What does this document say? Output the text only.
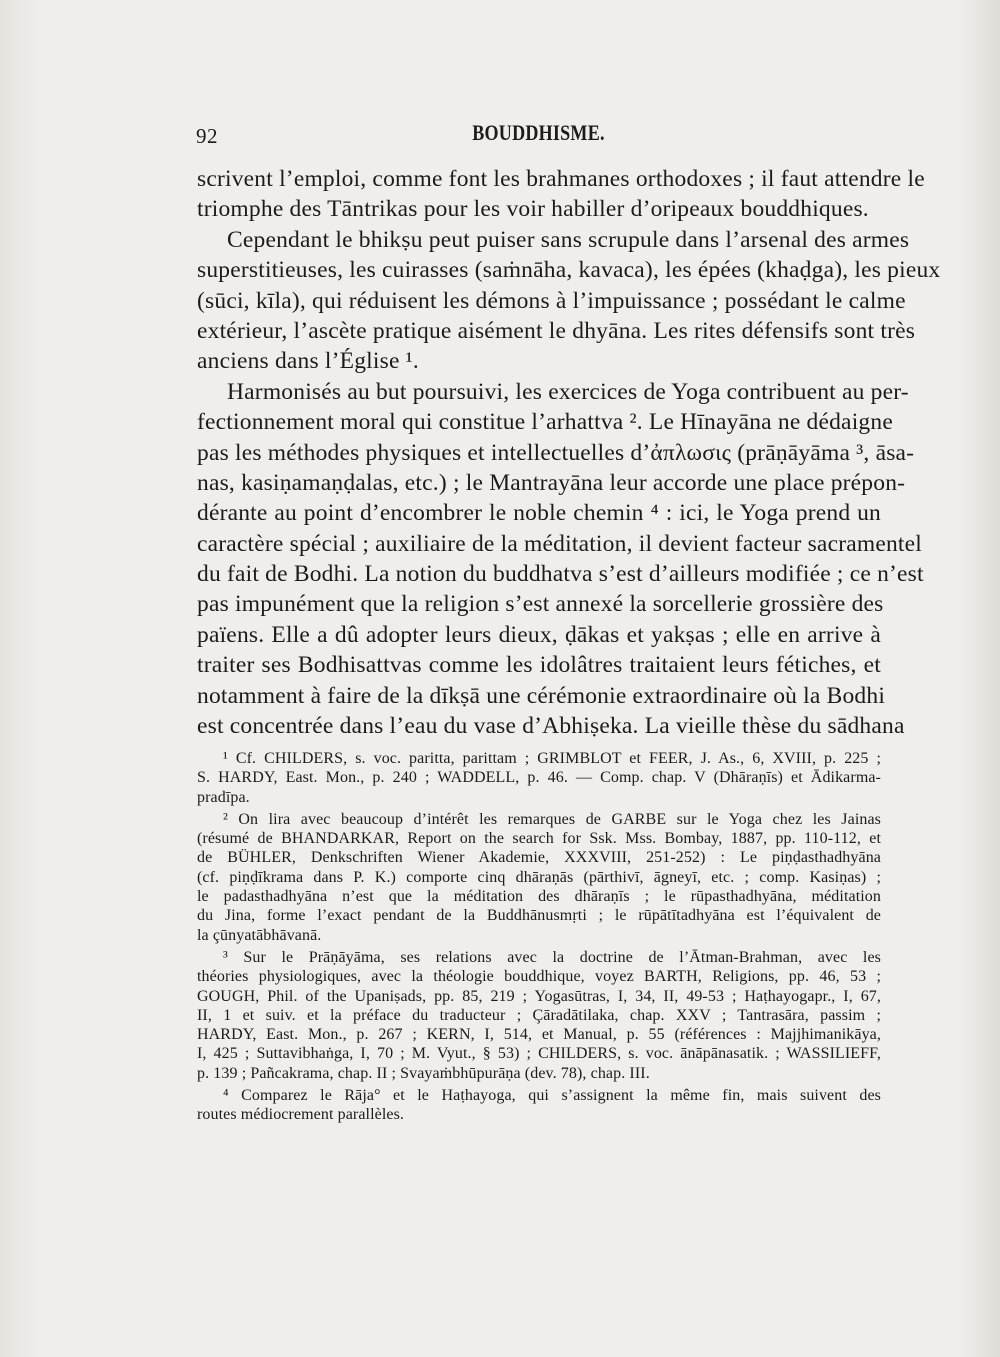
92	BOUDDHISME.
scrivent l’emploi, comme font les brahmanes orthodoxes ; il faut attendre le
triomphe des Tāntrikas pour les voir habiller d’oripeaux bouddhiques.
Cependant le bhikṣu peut puiser sans scrupule dans l’arsenal des armes
superstitieuses, les cuirasses (saṁnāha, kavaca), les épées (khaḍga), les pieux
(sūci, kīla), qui réduisent les démons à l’impuissance ; possédant le calme
extérieur, l’ascète pratique aisément le dhyāna. Les rites défensifs sont très
anciens dans l’Église ¹.
Harmonisés au but poursuivi, les exercices de Yoga contribuent au per-
fectionnement moral qui constitue l’arhattva ². Le Hīnayāna ne dédaigne
pas les méthodes physiques et intellectuelles d’ἀπλωσις (prāṇāyāma ³, āsa-
nas, kasiṇamaṇḍalas, etc.) ; le Mantrayāna leur accorde une place prépon-
dérante au point d’encombrer le noble chemin ⁴ : ici, le Yoga prend un
caractère spécial ; auxiliaire de la méditation, il devient facteur sacramentel
du fait de Bodhi. La notion du buddhatva s’est d’ailleurs modifiée ; ce n’est
pas impunément que la religion s’est annexé la sorcellerie grossière des
païens. Elle a dû adopter leurs dieux, ḍākas et yakṣas ; elle en arrive à
traiter ses Bodhisattvas comme les idolâtres traitaient leurs fétiches, et
notamment à faire de la dīkṣā une cérémonie extraordinaire où la Bodhi
est concentrée dans l’eau du vase d’Abhiṣeka. La vieille thèse du sādhana
¹ Cf. CHILDERS, s. voc. paritta, parittam ; GRIMBLOT et FEER, J. As., 6, XVIII, p. 225 ;
S. HARDY, East. Mon., p. 240 ; WADDELL, p. 46. — Comp. chap. V (Dhāraṇīs) et Ādikarma-
pradīpa.
² On lira avec beaucoup d’intérêt les remarques de GARBE sur le Yoga chez les Jainas
(résumé de BHANDARKAR, Report on the search for Ssk. Mss. Bombay, 1887, pp. 110-112, et
de BÜHLER, Denkschriften Wiener Akademie, XXXVIII, 251-252) : Le piṇḍasthadhyāna
(cf. piṇḍīkrama dans P. K.) comporte cinq dhāraṇās (pārthivī, āgneyī, etc. ; comp. Kasiṇas) ;
le padasthadhyāna n’est que la méditation des dhāraṇīs ; le rūpasthadhyāna, méditation
du Jina, forme l’exact pendant de la Buddhānusmṛti ; le rūpātītadhyāna est l’équivalent de
la çūnyatābhāvanā.
³ Sur le Prāṇāyāma, ses relations avec la doctrine de l’Ātman-Brahman, avec les
théories physiologiques, avec la théologie bouddhique, voyez BARTH, Religions, pp. 46, 53 ;
GOUGH, Phil. of the Upaniṣads, pp. 85, 219 ; Yogasūtras, I, 34, II, 49-53 ; Haṭhayogapr., I, 67,
II, 1 et suiv. et la préface du traducteur ; Çāradātilaka, chap. XXV ; Tantrasāra, passim ;
HARDY, East. Mon., p. 267 ; KERN, I, 514, et Manual, p. 55 (références : Majjhimanikāya,
I, 425 ; Suttavibhaṅga, I, 70 ; M. Vyut., § 53) ; CHILDERS, s. voc. ānāpānasatik. ; WASSILIEFF,
p. 139 ; Pañcakrama, chap. II ; Svayaṁbhūpurāṇa (dev. 78), chap. III.
⁴ Comparez le Rāja° et le Haṭhayoga, qui s’assignent la même fin, mais suivent des
routes médiocrement parallèles.
